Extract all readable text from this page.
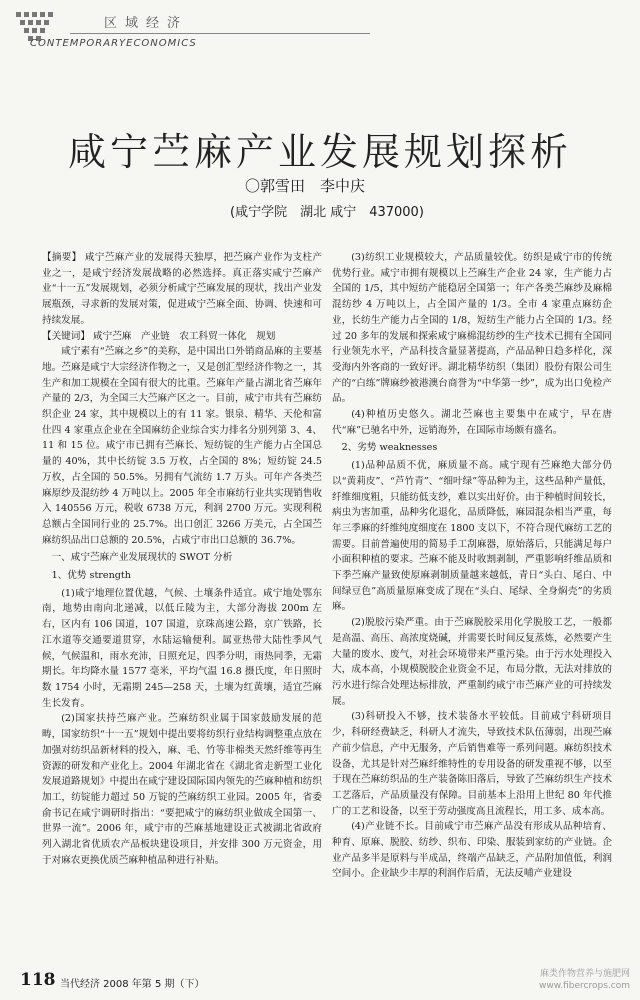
区域经济
CONTEMPORARYECONOMICS
咸宁苎麻产业发展规划探析
〇郭雪田　李中庆
(咸宁学院　湖北 咸宁　437000)

【摘要】 咸宁苎麻产业的发展得天独厚，把苎麻产业作为支柱产业之一，是咸宁经济发展战略的必然选择。真正落实咸宁苎麻产业“十一五”发展规划，必须分析咸宁苎麻发展的现状，找出产业发展瓶颈，寻求新的发展对策，促进咸宁苎麻全面、协调、快速和可持续发展。

【关键词】 咸宁苎麻　产业链　农工科贸一体化　规划

咸宁素有“苎麻之乡”的美称，是中国出口外销商品麻的主要基地。苎麻是咸宁大宗经济作物之一，又是创汇型经济作物之一，其生产和加工规模在全国有很大的比重。苎麻年产量占湖北省苎麻年产量的 2/3，为全国三大苎麻产区之一。目前，咸宁市共有苎麻纺织企业 24 家，其中规模以上的有 11 家。银泉、精华、天伦和富仕四 4 家重点企业在全国麻纺企业综合实力排名分别列第 3、4、11 和 15 位。咸宁市已拥有苎麻长、短纺锭的生产能力占全国总量的 40%，其中长纺锭 3.5 万枚，占全国的 8%；短纺锭 24.5 万枚，占全国的 50.5%。另拥有气流纺 1.7 万头。可年产各类苎麻原纱及混纺纱 4 万吨以上。2005 年全市麻纺行业共实现销售收入 140556 万元，税收 6738 万元，利润 2700 万元。实现利税总额占全国同行业的 25.7%。出口创汇 3266 万美元，占全国苎麻纺织品出口总额的 20.5%，占咸宁市出口总额的 36.7%。

一、咸宁苎麻产业发展现状的 SWOT 分析

1、优势 strength

(1)咸宁地理位置优越，气候、土壤条件适宜。咸宁地处鄂东南，地势由南向北递减，以低丘陵为主，大部分海拔 200m 左右，区内有 106 国道，107 国道，京珠高速公路，京广铁路，长江水道等交通要道贯穿，水陆运输便利。属亚热带大陆性季风气候，气候温和，雨水充沛，日照充足，四季分明，雨热同季，无霜期长。年均降水量 1577 毫米，平均气温 16.8 摄氏度，年日照时数 1754 小时，无霜期 245—258 天，土壤为红黄壤，适宜苎麻生长发育。

(2)国家扶持苎麻产业。苎麻纺织业属于国家鼓励发展的范畴，国家纺织“十一五”规划中提出要将纺织行业结构调整重点放在加强对纺织品新材料的投入，麻、毛、竹等非棉类天然纤维等再生资源的研发和产业化上。2004 年湖北省在《湖北省走新型工业化发展道路规划》中提出在咸宁建设国际国内领先的苎麻种植和纺织加工，纺锭能力超过 50 万锭的苎麻纺织工业园。2005 年，省委俞书记在咸宁调研时指出：“要把咸宁的麻纺织业做成全国第一、世界一流”。2006 年，咸宁市的苎麻基地建设正式被湖北省政府列入湖北省优质农产品板块建设项目，并安排 300 万元资金，用于对麻农更换优质苎麻种植品种进行补贴。

(3)纺织工业规模较大，产品质量较优。纺织是咸宁市的传统优势行业。咸宁市拥有规模以上苎麻生产企业 24 家，生产能力占全国的 1/5，其中短纺产能稳居全国第一；年产各类苎麻纱及麻棉混纺纱 4 万吨以上，占全国产量的 1/3。全市 4 家重点麻纺企业，长纺生产能力占全国的 1/8，短纺生产能力占全国的 1/3。经过 20 多年的发展和探索咸宁麻棉混纺纱的生产技术已拥有全国同行业领先水平，产品科技含量显著提高，产品品种日趋多样化，深受海内外客商的一致好评。湖北精华纺织（集团）股份有限公司生产的“白练”牌麻纱被港澳台商誉为“中华第一纱”，成为出口免检产品。

(4)种植历史悠久。湖北苎麻也主要集中在咸宁，早在唐代“麻”已驰名中外，远销海外，在国际市场颇有盛名。

2、劣势 weaknesses

(1)品种品质不优，麻质量不高。咸宁现有苎麻绝大部分仍以“黄莉皮”、“芦竹青”、“细叶绿”等品种为主，这些品种产量低，纤维细度粗，只能纺低支纱，难以实出好价。由于种植时间较长，病虫为害加重，品种劣化退化，品质降低，麻园混杂相当严重，每年三季麻的纤维纯度细度在 1800 支以下，不符合现代麻纺工艺的需要。目前普遍使用的简易手工刮麻器，原始落后，只能满足每户小面积种植的要求。苎麻不能及时收割剥制，严重影响纤维品质和下季苎麻产量致使原麻剥制质量越来越低，青日“头白、尾白、中间绿豆色”高质量原麻变成了现在“头白、尾绿、全身焖壳”的劣质麻。

(2)脱胶污染严重。由于苎麻脱胶采用化学脱胶工艺，一般都是高温、高压、高浓度烧碱，并需要长时间反复蒸炼，必然要产生大量的废水、废气，对社会环境带来严重污染。由于污水处理投入大，成本高，小规模脱胶企业资金不足，布局分散，无法对排放的污水进行综合处理达标排放，严重制约咸宁市苎麻产业的可持续发展。

(3)科研投入不够，技术装备水平较低。目前咸宁科研项目少，科研经费缺乏，科研人才流失，导致技术队伍薄弱，出现苎麻产前少信息，产中无服务，产后销售难等一系列问题。麻纺织技术设备，尤其是针对苎麻纤维特性的专用设备的研发重视不够，以至于现在苎麻纺织品的生产装备陈旧落后，导致了苎麻纺织生产技术工艺落后，产品质量没有保障。目前基本上沿用上世纪 80 年代推广的工艺和设备，以至于劳动强度高且流程长，用工多、成本高。

(4)产业链不长。目前咸宁市苎麻产品没有形成从品种培育、种育、原麻、脱胶、纺纱、织布、印染、服装到家纺的产业链。企业产品多半是原料与半成品，终端产品缺乏，产品附加值低，利润空间小。企业缺少丰厚的利润作后盾，无法反哺产业建设

118 当代经济 2008 年第 5 期（下）
麻类作物营养与施肥网
www.fibercrops.com
